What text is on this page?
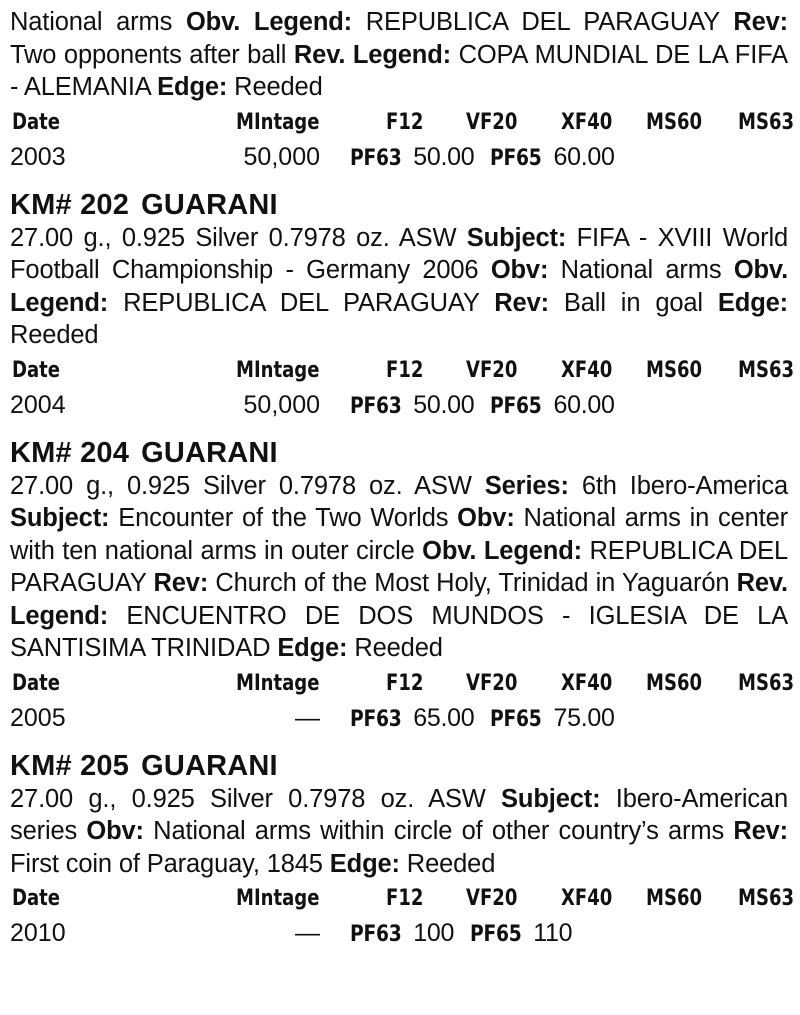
National arms Obv. Legend: REPUBLICA DEL PARAGUAY Rev: Two opponents after ball Rev. Legend: COPA MUNDIAL DE LA FIFA - ALEMANIA Edge: Reeded

Date	MIntage	F12 VF20 XF40 MS60 MS63
2003	50,000 PF63 50.00 PF65 60.00
KM# 202 GUARANI

27.00 g., 0.925 Silver 0.7978 oz. ASW Subject: FIFA - XVIII World Football Championship - Germany 2006 Obv: National arms Obv. Legend: REPUBLICA DEL PARAGUAY Rev: Ball in goal Edge: Reeded

Date	MIntage	F12 VF20 XF40 MS60 MS63
2004	50,000 PF63 50.00 PF65 60.00
KM# 204 GUARANI

27.00 g., 0.925 Silver 0.7978 oz. ASW Series: 6th Ibero-America Subject: Encounter of the Two Worlds Obv: National arms in center with ten national arms in outer circle Obv. Legend: REPUBLICA DEL PARAGUAY Rev: Church of the Most Holy, Trinidad in Yaguarón Rev. Legend: ENCUENTRO DE DOS MUNDOS - IGLESIA DE LA SANTISIMA TRINIDAD Edge: Reeded

Date	MIntage	F12 VF20 XF40 MS60 MS63
2005	— PF63 65.00 PF65 75.00
KM# 205 GUARANI

27.00 g., 0.925 Silver 0.7978 oz. ASW Subject: Ibero-American series Obv: National arms within circle of other country’s arms Rev: First coin of Paraguay, 1845 Edge: Reeded

Date	MIntage	F12 VF20 XF40 MS60 MS63
2010	— PF63 100 PF65 110
